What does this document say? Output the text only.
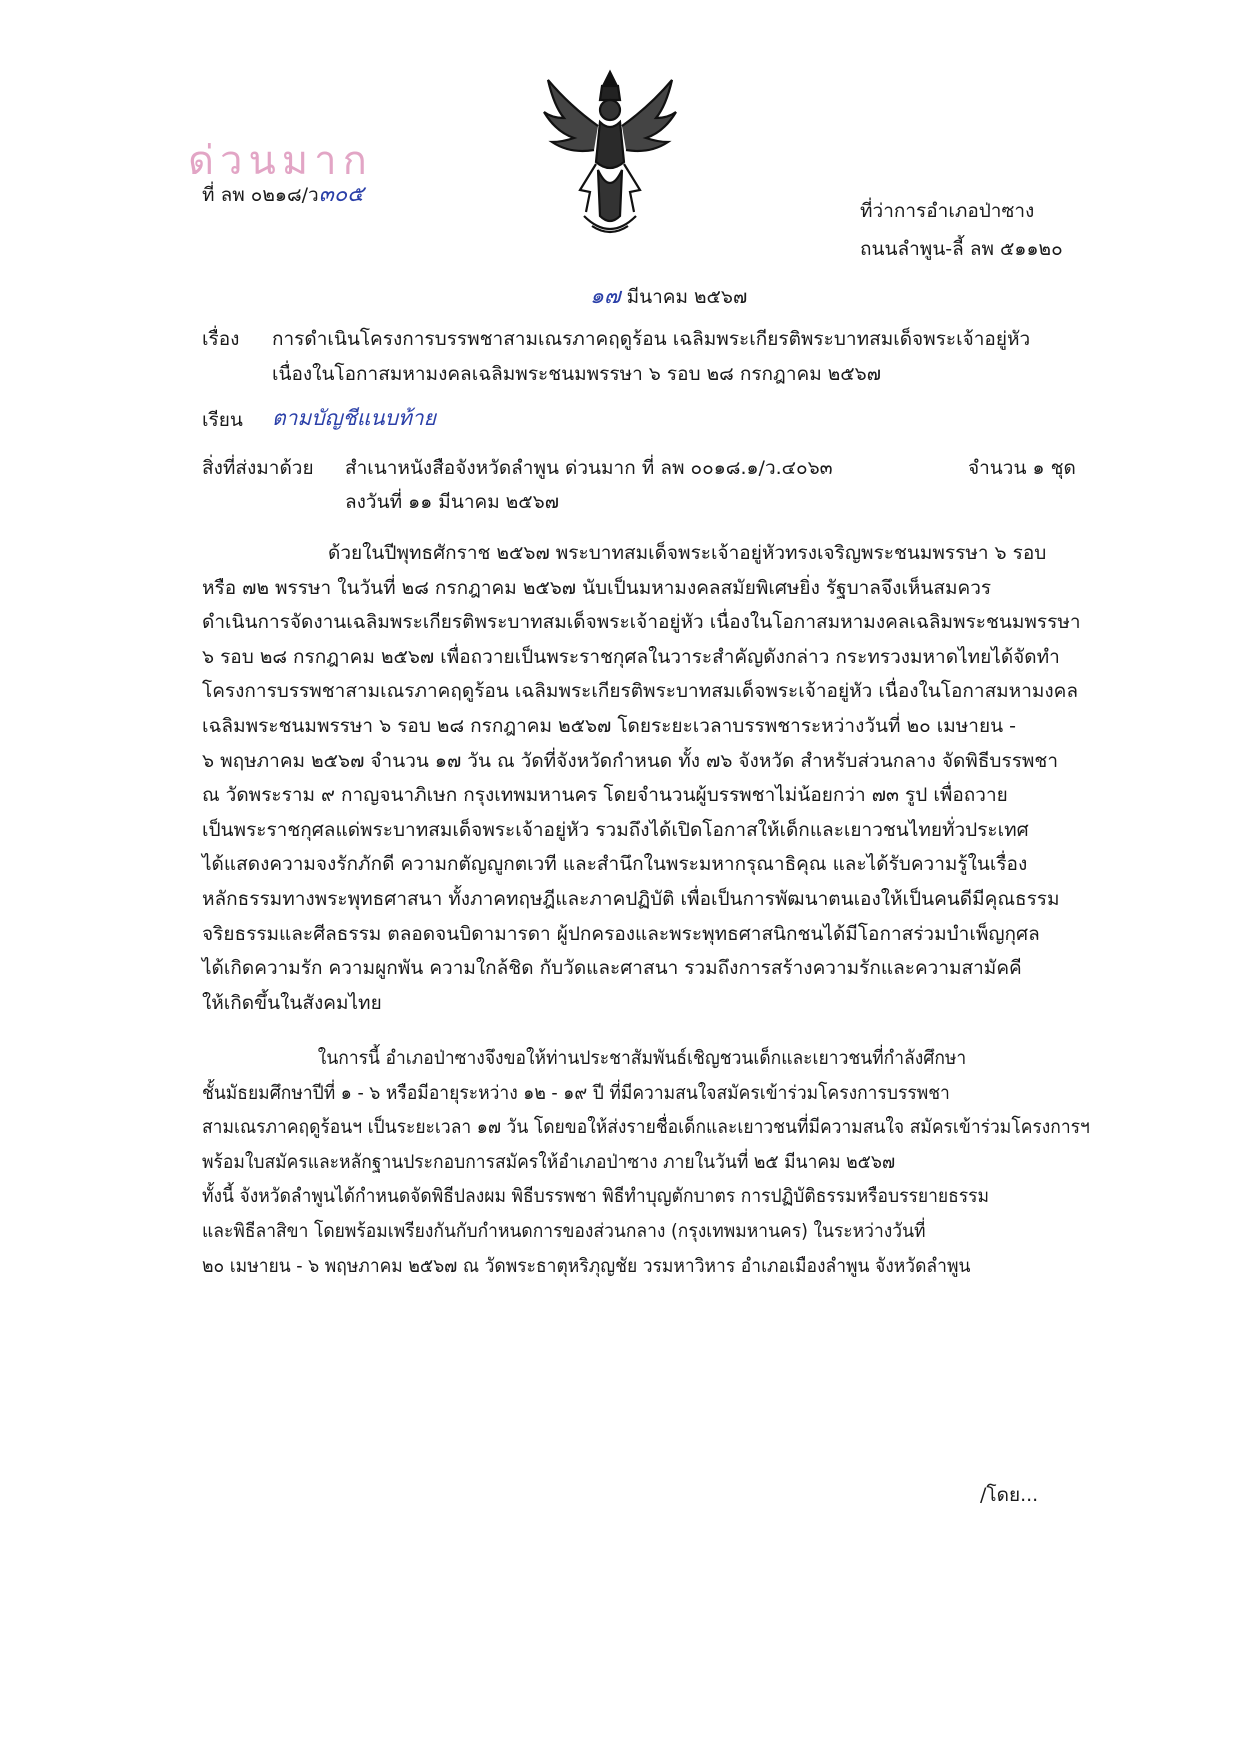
ด่วนมาก
ที่ ลพ ๐๒๑๘/ว๓๐๕
ที่ว่าการอำเภอป่าซาง
ถนนลำพูน-ลี้ ลพ ๕๑๑๒๐
๑๗ มีนาคม ๒๕๖๗
เรื่อง การดำเนินโครงการบรรพชาสามเณรภาคฤดูร้อน เฉลิมพระเกียรติพระบาทสมเด็จพระเจ้าอยู่หัว
เนื่องในโอกาสมหามงคลเฉลิมพระชนมพรรษา ๖ รอบ ๒๘ กรกฎาคม ๒๕๖๗
เรียน ตามบัญชีแนบท้าย
สิ่งที่ส่งมาด้วย สำเนาหนังสือจังหวัดลำพูน ด่วนมาก ที่ ลพ ๐๐๑๘.๑/ว.๔๐๖๓	จำนวน ๑ ชุด
ลงวันที่ ๑๑ มีนาคม ๒๕๖๗
ด้วยในปีพุทธศักราช ๒๕๖๗ พระบาทสมเด็จพระเจ้าอยู่หัวทรงเจริญพระชนมพรรษา ๖ รอบ
หรือ ๗๒ พรรษา ในวันที่ ๒๘ กรกฎาคม ๒๕๖๗ นับเป็นมหามงคลสมัยพิเศษยิ่ง รัฐบาลจึงเห็นสมควร
ดำเนินการจัดงานเฉลิมพระเกียรติพระบาทสมเด็จพระเจ้าอยู่หัว เนื่องในโอกาสมหามงคลเฉลิมพระชนมพรรษา
๖ รอบ ๒๘ กรกฎาคม ๒๕๖๗ เพื่อถวายเป็นพระราชกุศลในวาระสำคัญดังกล่าว กระทรวงมหาดไทยได้จัดทำ
โครงการบรรพชาสามเณรภาคฤดูร้อน เฉลิมพระเกียรติพระบาทสมเด็จพระเจ้าอยู่หัว เนื่องในโอกาสมหามงคล
เฉลิมพระชนมพรรษา ๖ รอบ ๒๘ กรกฎาคม ๒๕๖๗ โดยระยะเวลาบรรพชาระหว่างวันที่ ๒๐ เมษายน -
๖ พฤษภาคม ๒๕๖๗ จำนวน ๑๗ วัน ณ วัดที่จังหวัดกำหนด ทั้ง ๗๖ จังหวัด สำหรับส่วนกลาง จัดพิธีบรรพชา
ณ วัดพระราม ๙ กาญจนาภิเษก กรุงเทพมหานคร โดยจำนวนผู้บรรพชาไม่น้อยกว่า ๗๓ รูป เพื่อถวาย
เป็นพระราชกุศลแด่พระบาทสมเด็จพระเจ้าอยู่หัว รวมถึงได้เปิดโอกาสให้เด็กและเยาวชนไทยทั่วประเทศ
ได้แสดงความจงรักภักดี ความกตัญญูกตเวที และสำนึกในพระมหากรุณาธิคุณ และได้รับความรู้ในเรื่อง
หลักธรรมทางพระพุทธศาสนา ทั้งภาคทฤษฎีและภาคปฏิบัติ เพื่อเป็นการพัฒนาตนเองให้เป็นคนดีมีคุณธรรม
จริยธรรมและศีลธรรม ตลอดจนบิดามารดา ผู้ปกครองและพระพุทธศาสนิกชนได้มีโอกาสร่วมบำเพ็ญกุศล
ได้เกิดความรัก ความผูกพัน ความใกล้ชิด กับวัดและศาสนา รวมถึงการสร้างความรักและความสามัคคี
ให้เกิดขึ้นในสังคมไทย
ในการนี้ อำเภอป่าซางจึงขอให้ท่านประชาสัมพันธ์เชิญชวนเด็กและเยาวชนที่กำลังศึกษา
ชั้นมัธยมศึกษาปีที่ ๑ - ๖ หรือมีอายุระหว่าง ๑๒ - ๑๙ ปี ที่มีความสนใจสมัครเข้าร่วมโครงการบรรพชา
สามเณรภาคฤดูร้อนฯ เป็นระยะเวลา ๑๗ วัน โดยขอให้ส่งรายชื่อเด็กและเยาวชนที่มีความสนใจ สมัครเข้าร่วมโครงการฯ
พร้อมใบสมัครและหลักฐานประกอบการสมัครให้อำเภอป่าซาง ภายในวันที่ ๒๕ มีนาคม ๒๕๖๗
ทั้งนี้ จังหวัดลำพูนได้กำหนดจัดพิธีปลงผม พิธีบรรพชา พิธีทำบุญตักบาตร การปฏิบัติธรรมหรือบรรยายธรรม
และพิธีลาสิขา โดยพร้อมเพรียงกันกับกำหนดการของส่วนกลาง (กรุงเทพมหานคร) ในระหว่างวันที่
๒๐ เมษายน - ๖ พฤษภาคม ๒๕๖๗ ณ วัดพระธาตุหริภุญชัย วรมหาวิหาร อำเภอเมืองลำพูน จังหวัดลำพูน
/โดย...
